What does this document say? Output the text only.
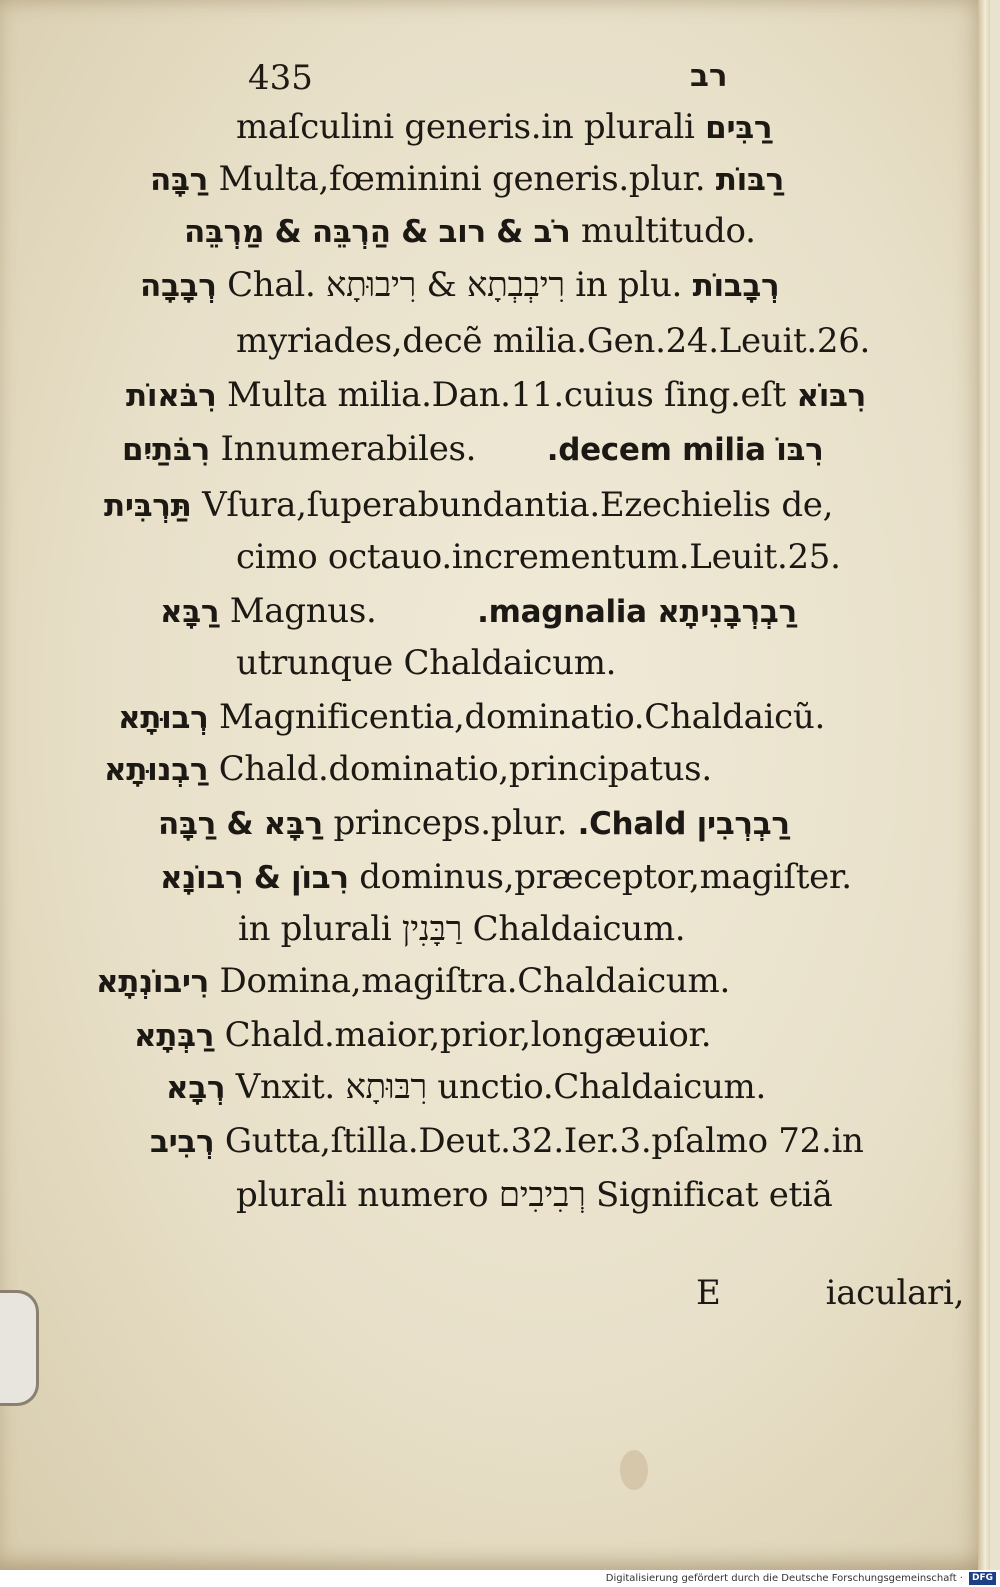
435	רב
maſculini generis.in plurali רַבִּים
רַבָּה Multa,fœminini generis.plur. רַבּוֹת
רֹב & רוב & הַרְבֵּה & מַרְבֵּה multitudo.
רְבָבָה Chal. רִיבְבְתָא & רִיבוּתָא in plu. רְבָבוֹת
myriades,decẽ milia.Gen.24.Leuit.26.
רִבֹּאוֹת Multa milia.Dan.11.cuius ſing.eſt רִבּוֹא
רִבֹּתַיִם Innumerabiles. רִבּוֹ decem milia.
תַּרְבִּית Vſura,ſuperabundantia.Ezechielis de,
cimo octauo.incrementum.Leuit.25.
רַבָּא Magnus.	רַבְרְבָנִיתָא magnalia.
utrunque Chaldaicum.
רְבוּתָא Magnificentia,dominatio.Chaldaicũ.
רַבְנוּתָא Chald.dominatio,principatus.
רַבָּא & רַבָּה princeps.plur. רַבְרְבִין Chald.
רִבוֹן & רִבוֹנָא dominus,præceptor,magiſter.
in plurali רַבָּנִין Chaldaicum.
רִיבוֹנְתָא Domina,magiſtra.Chaldaicum.
רַבְּתָא Chald.maior,prior,longæuior.
רְבָא Vnxit. רִבּוּתָא unctio.Chaldaicum.
רְבִיב Gutta,ſtilla.Deut.32.Ier.3.pſalmo 72.in
plurali numero רְבִיבִים Significat etiã

E          iaculari,

Digitalisierung gefördert durch die Deutsche Forschungsgemeinschaft · DFG
